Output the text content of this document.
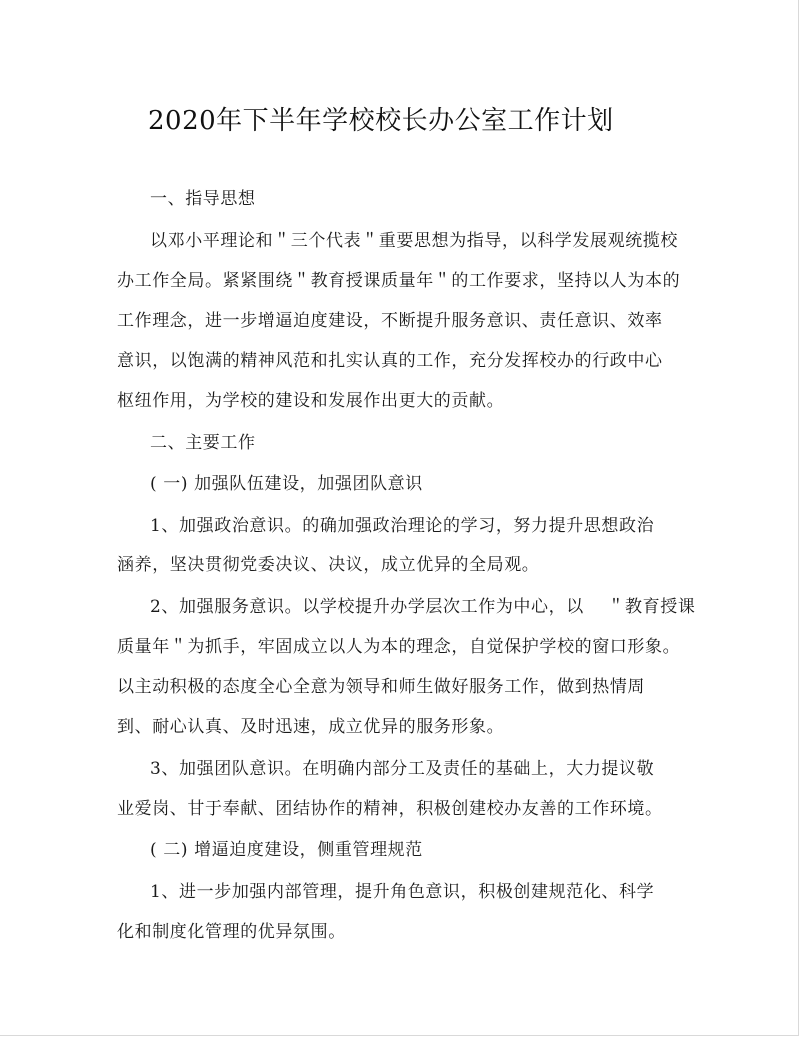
2020年下半年学校校长办公室工作计划
一、指导思想
以邓小平理论和＂三个代表＂重要思想为指导，以科学发展观统揽校
办工作全局。紧紧围绕＂教育授课质量年＂的工作要求，坚持以人为本的
工作理念，进一步增逼迫度建设，不断提升服务意识、责任意识、效率
意识，以饱满的精神风范和扎实认真的工作，充分发挥校办的行政中心
枢纽作用，为学校的建设和发展作出更大的贡献。
二、主要工作
( 一) 加强队伍建设，加强团队意识
1、加强政治意识。的确加强政治理论的学习，努力提升思想政治
涵养，坚决贯彻党委决议、决议，成立优异的全局观。
2、加强服务意识。以学校提升办学层次工作为中心，以　 ＂教育授课
质量年＂为抓手，牢固成立以人为本的理念，自觉保护学校的窗口形象。
以主动积极的态度全心全意为领导和师生做好服务工作，做到热情周
到、耐心认真、及时迅速，成立优异的服务形象。
3、加强团队意识。在明确内部分工及责任的基础上，大力提议敬
业爱岗、甘于奉献、团结协作的精神，积极创建校办友善的工作环境。
( 二) 增逼迫度建设，侧重管理规范
1、进一步加强内部管理，提升角色意识，积极创建规范化、科学
化和制度化管理的优异氛围。
